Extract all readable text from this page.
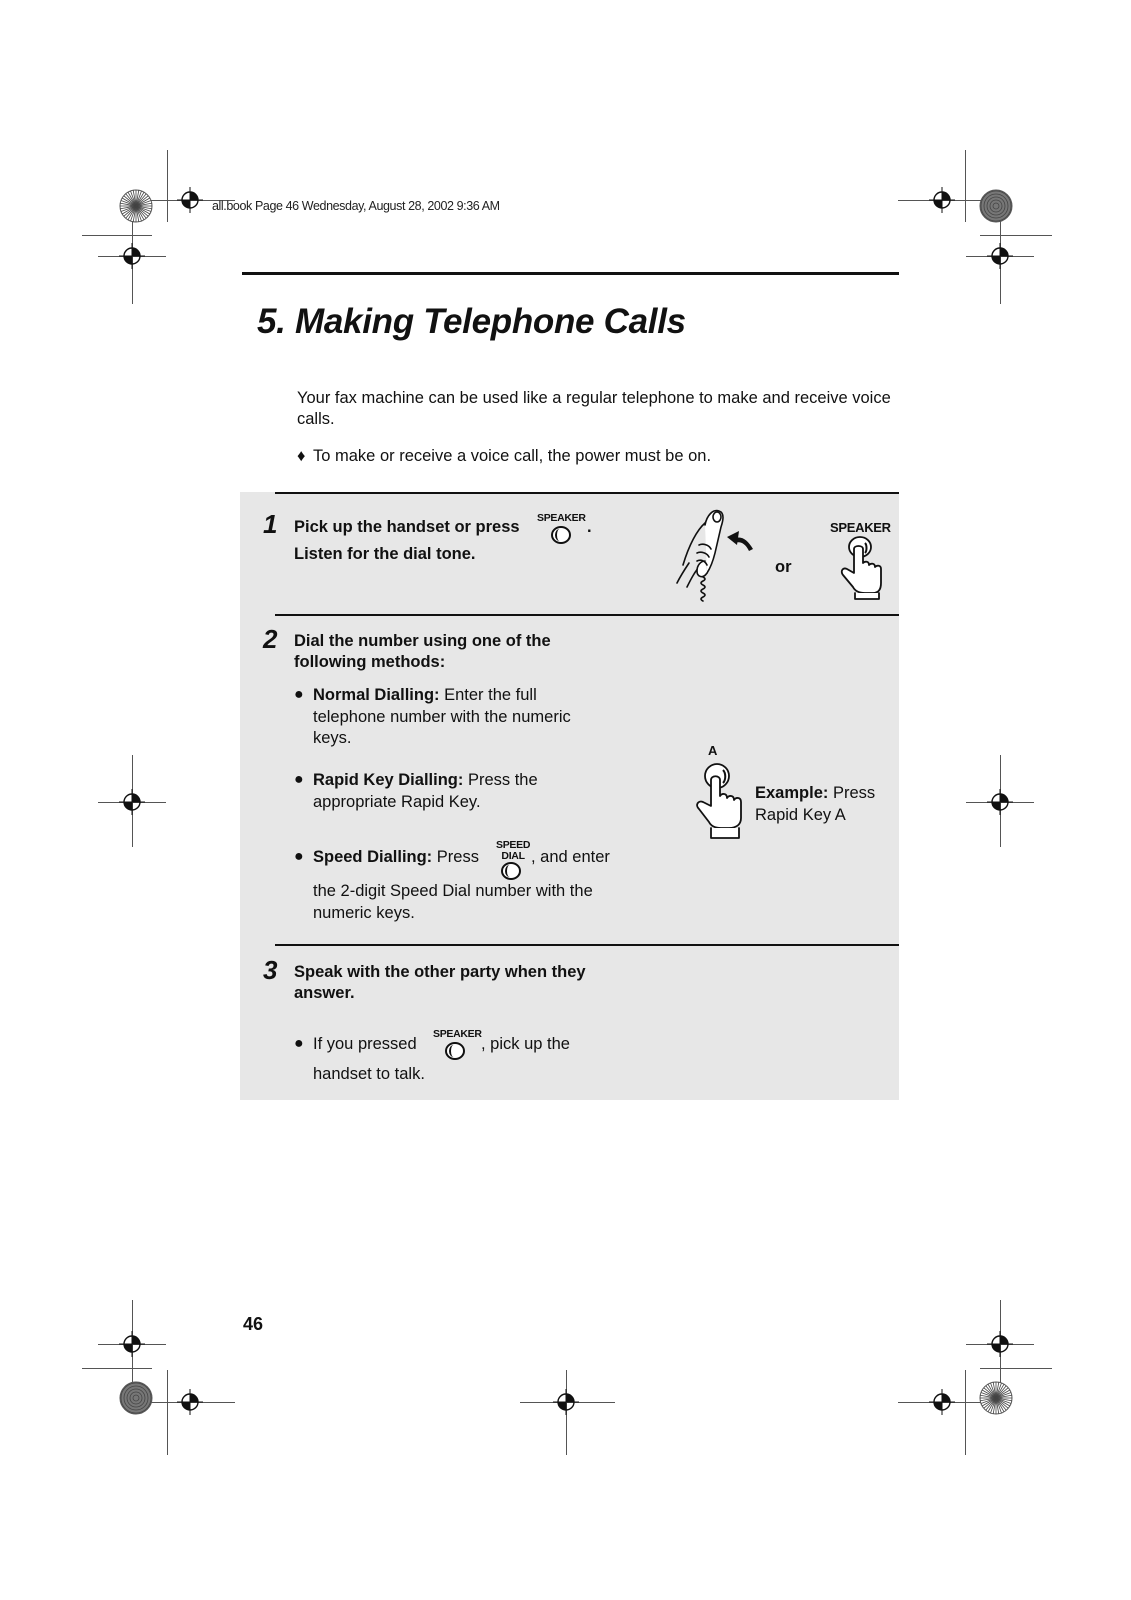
all.book Page 46 Wednesday, August 28, 2002 9:36 AM
5. Making Telephone Calls

Your fax machine can be used like a regular telephone to make and receive voice calls.

♦ To make or receive a voice call, the power must be on.
1 Pick up the handset or press SPEAKER .
Listen for the dial tone.
or
SPEAKER
2 Dial the number using one of the following methods:
● Normal Dialling: Enter the full telephone number with the numeric keys.
● Rapid Key Dialling: Press the appropriate Rapid Key.
● Speed Dialling: Press
SPEED
DIAL , and enter
the 2-digit Speed Dial number with the numeric keys.
A
Example: Press Rapid Key A
3 Speak with the other party when they answer.
● If you pressed
SPEAKER
, pick up the
handset to talk.
46
